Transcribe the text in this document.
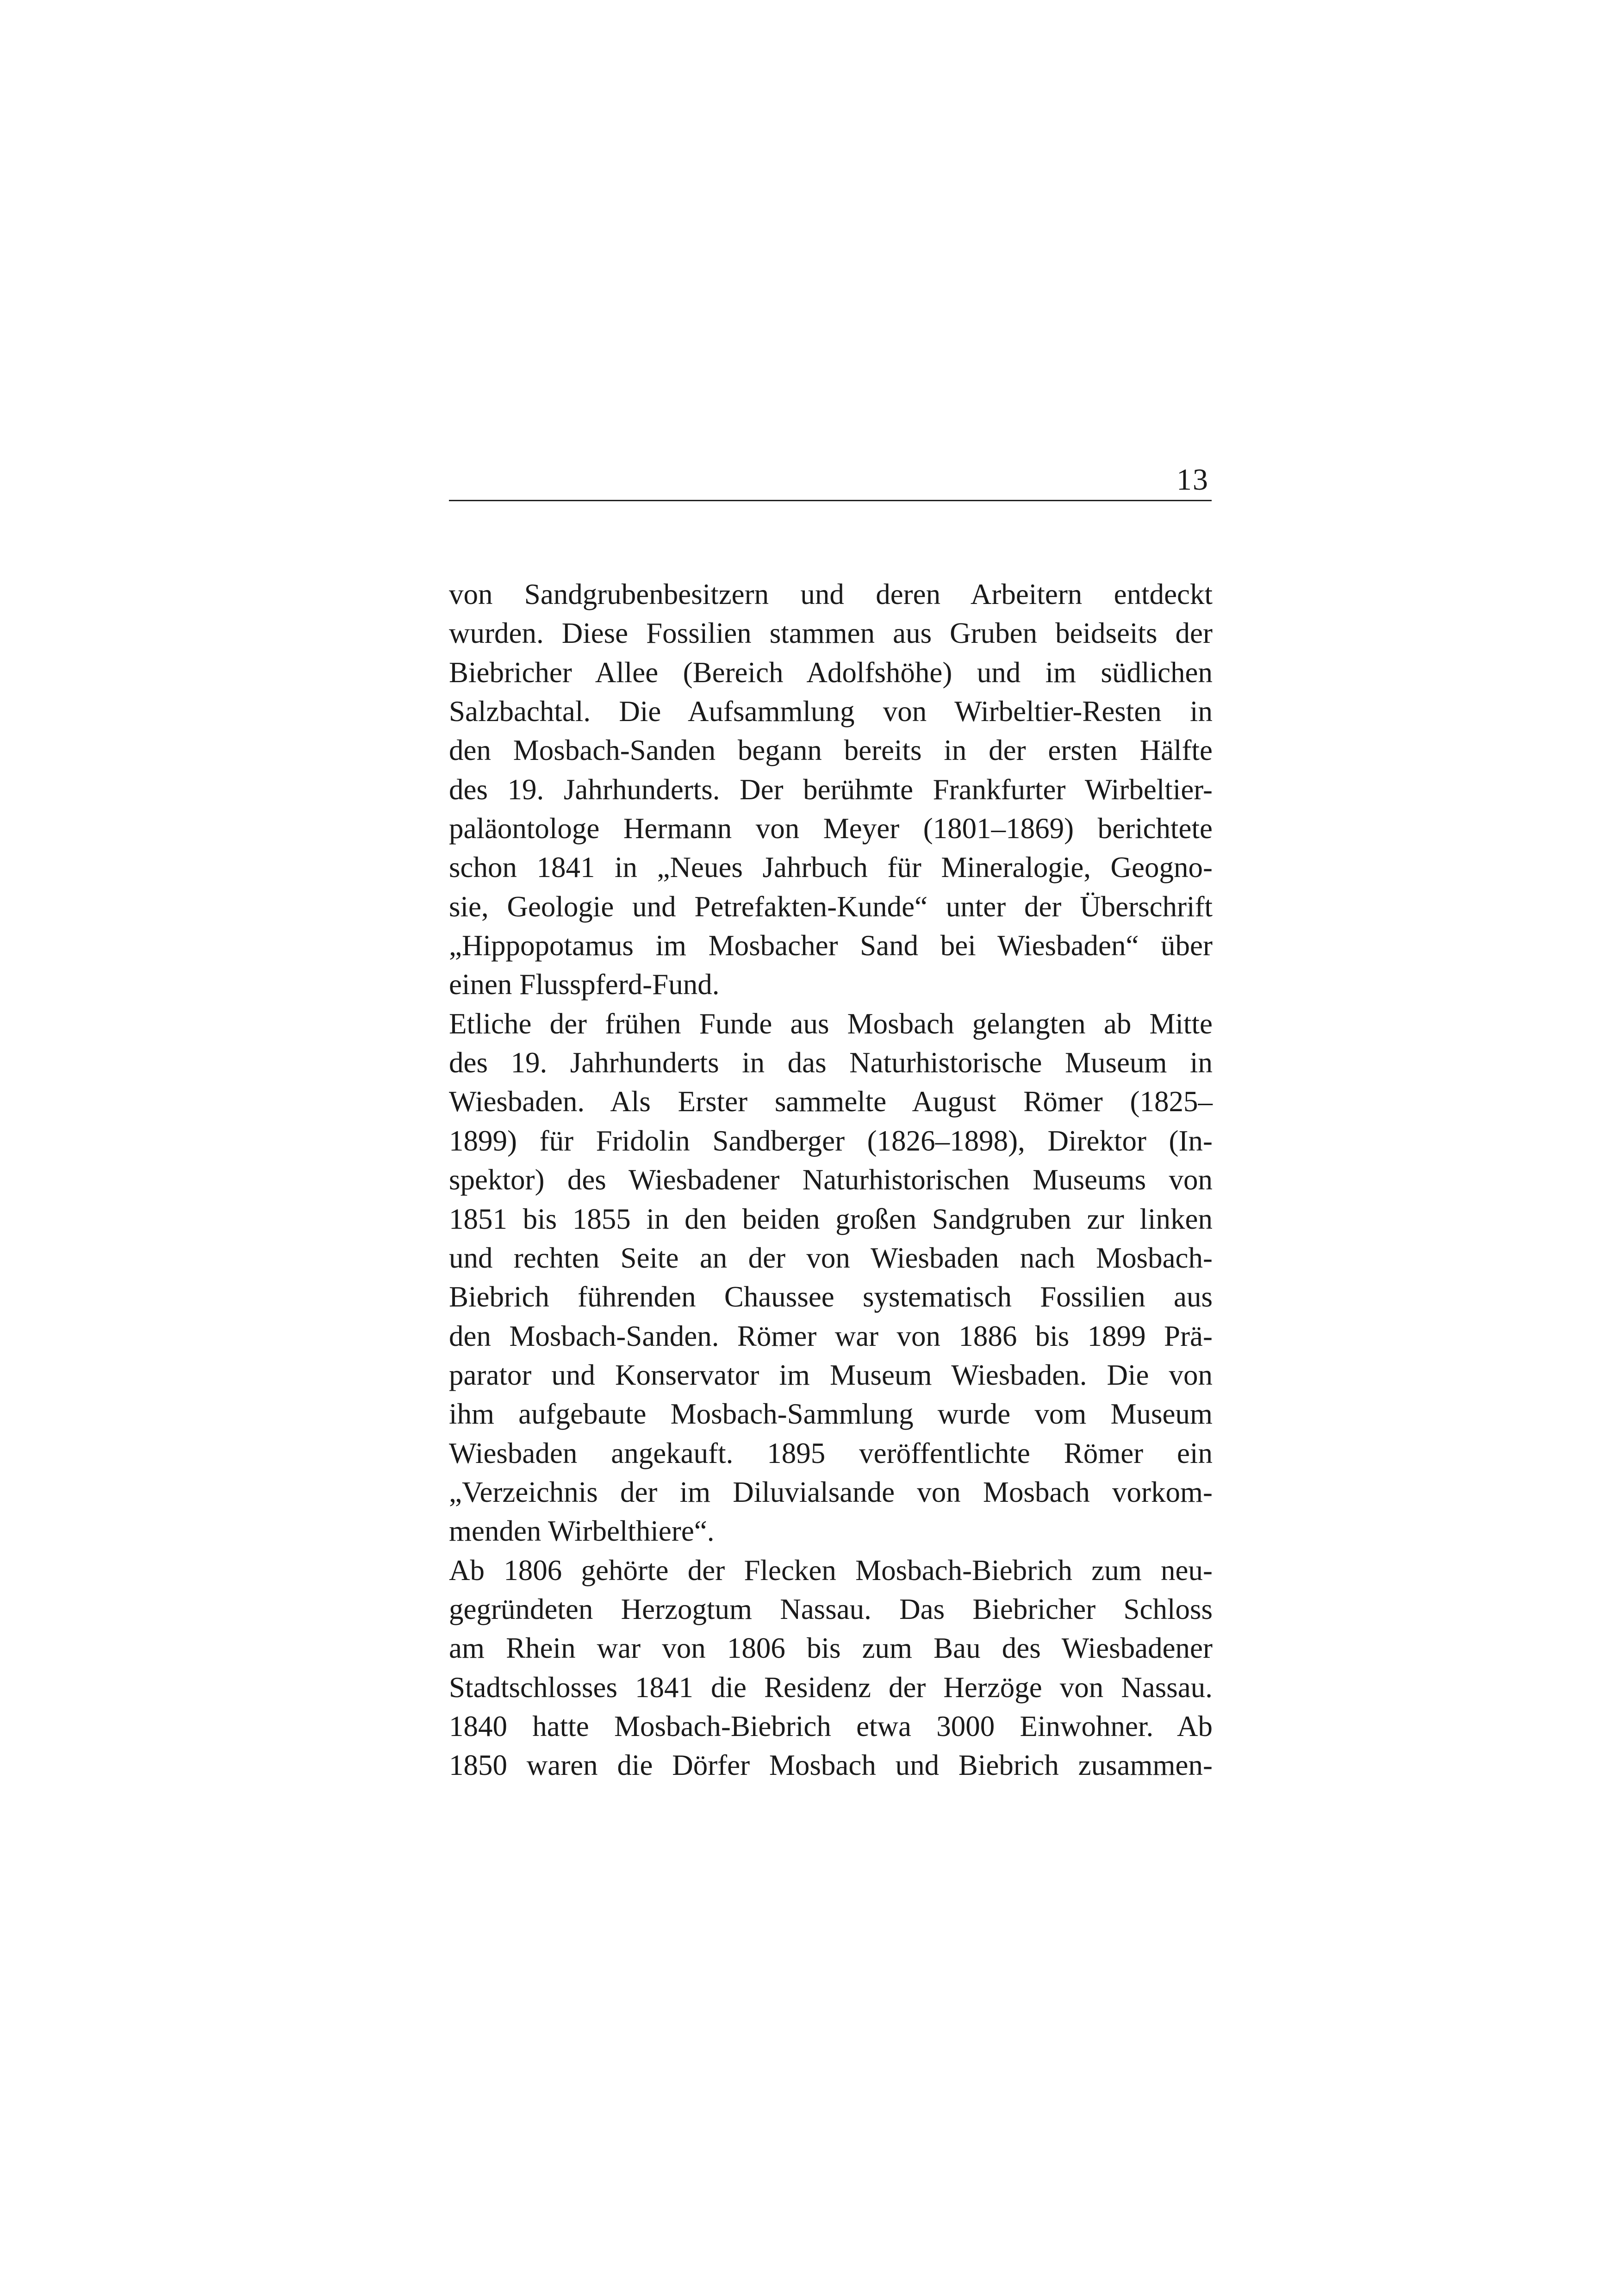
13
von Sandgrubenbesitzern und deren Arbeitern entdeckt
wurden. Diese Fossilien stammen aus Gruben beidseits der
Biebricher Allee (Bereich Adolfshöhe) und im südlichen
Salzbachtal. Die Aufsammlung von Wirbeltier-Resten in
den Mosbach-Sanden begann bereits in der ersten Hälfte
des 19. Jahrhunderts. Der berühmte Frankfurter Wirbeltier-
paläontologe Hermann von Meyer (1801–1869) berichtete
schon 1841 in „Neues Jahrbuch für Mineralogie, Geogno-
sie, Geologie und Petrefakten-Kunde“ unter der Überschrift
„Hippopotamus im Mosbacher Sand bei Wiesbaden“ über
einen Flusspferd-Fund.
Etliche der frühen Funde aus Mosbach gelangten ab Mitte
des 19. Jahrhunderts in das Naturhistorische Museum in
Wiesbaden. Als Erster sammelte August Römer (1825–
1899) für Fridolin Sandberger (1826–1898), Direktor (In-
spektor) des Wiesbadener Naturhistorischen Museums von
1851 bis 1855 in den beiden großen Sandgruben zur linken
und rechten Seite an der von Wiesbaden nach Mosbach-
Biebrich führenden Chaussee systematisch Fossilien aus
den Mosbach-Sanden. Römer war von 1886 bis 1899 Prä-
parator und Konservator im Museum Wiesbaden. Die von
ihm aufgebaute Mosbach-Sammlung wurde vom Museum
Wiesbaden angekauft. 1895 veröffentlichte Römer ein
„Verzeichnis der im Diluvialsande von Mosbach vorkom-
menden Wirbelthiere“.
Ab 1806 gehörte der Flecken Mosbach-Biebrich zum neu-
gegründeten Herzogtum Nassau. Das Biebricher Schloss
am Rhein war von 1806 bis zum Bau des Wiesbadener
Stadtschlosses 1841 die Residenz der Herzöge von Nassau.
1840 hatte Mosbach-Biebrich etwa 3000 Einwohner. Ab
1850 waren die Dörfer Mosbach und Biebrich zusammen-
